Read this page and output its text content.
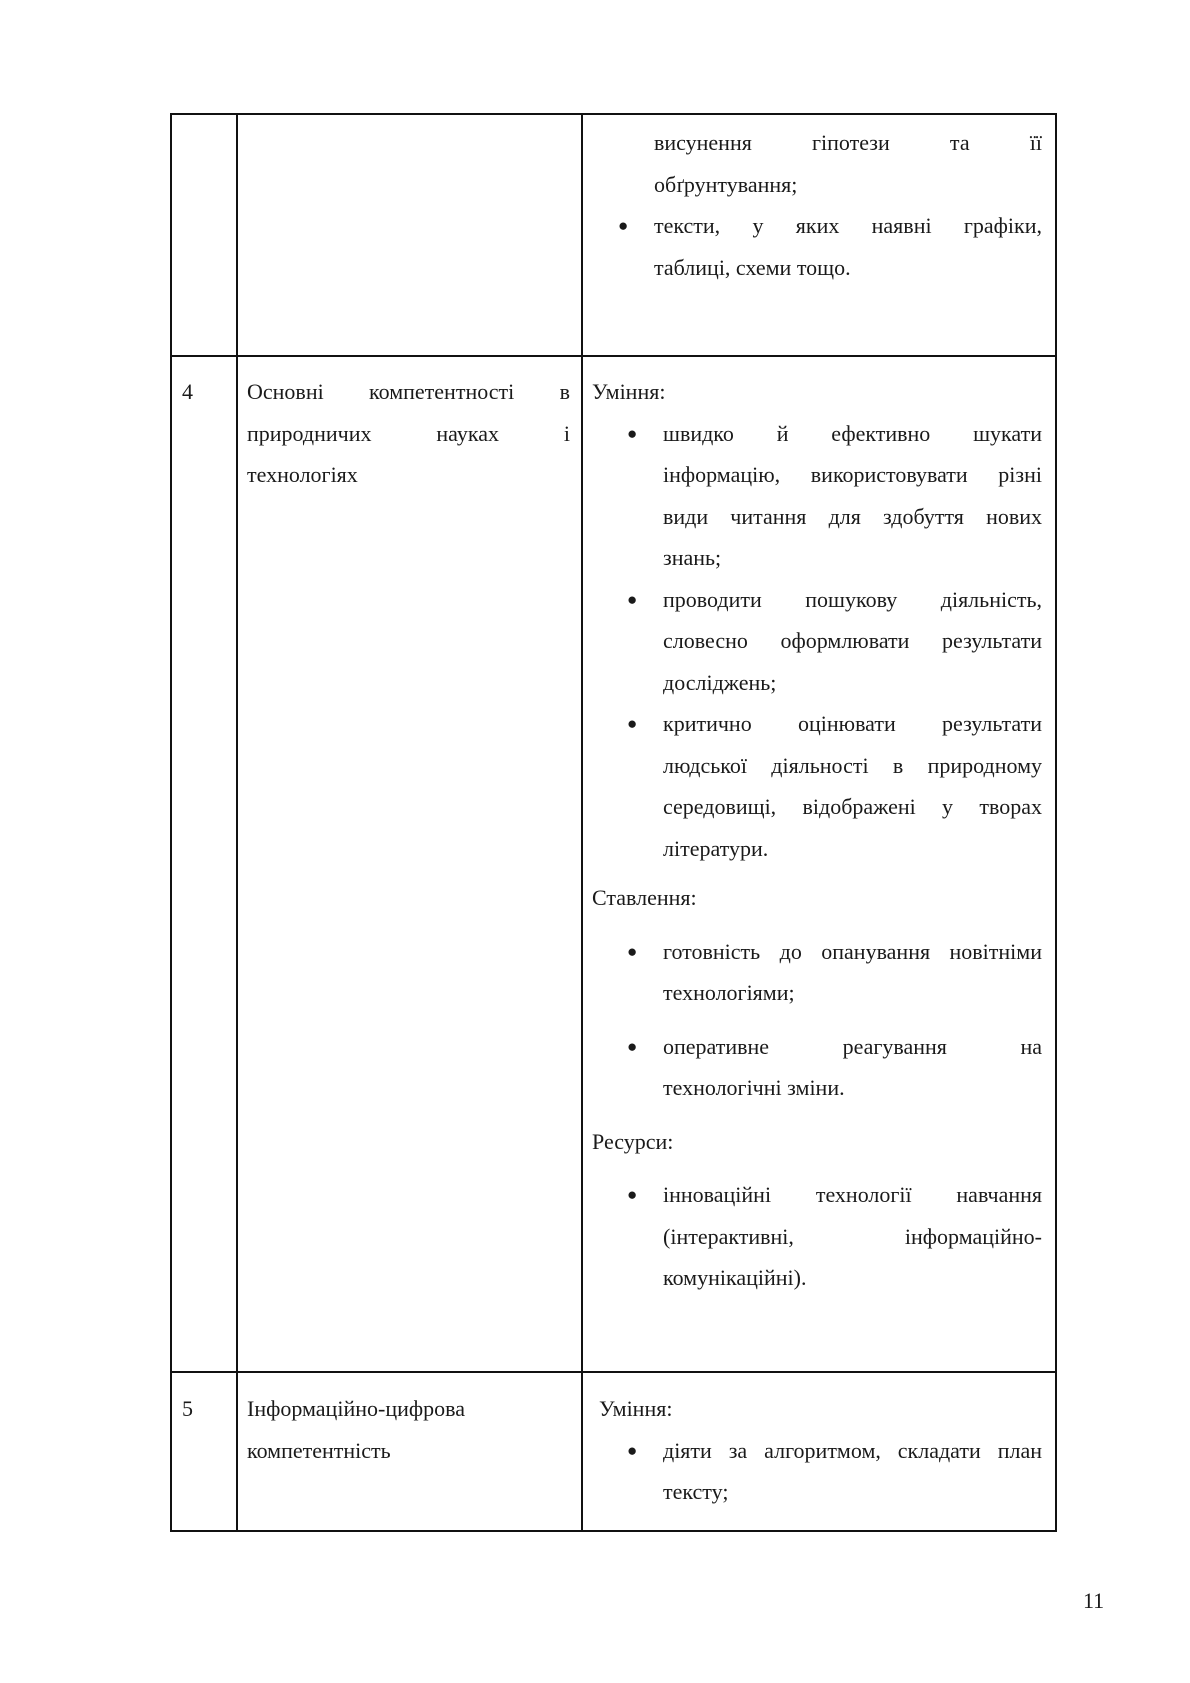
висунення гіпотези та її
обґрунтування;
● тексти, у яких наявні графіки,
таблиці, схеми тощо.
4 Основні компетентності в
природничих науках і
технологіях
Уміння:
● швидко й ефективно шукати
інформацію, використовувати різні
види читання для здобуття нових
знань;
● проводити пошукову діяльність,
словесно оформлювати результати
досліджень;
● критично оцінювати результати
людської діяльності в природному
середовищі, відображені у творах
літератури.
Ставлення:
● готовність до опанування новітніми
технологіями;
● оперативне реагування на
технологічні зміни.
Ресурси:
● інноваційні технології навчання
(інтерактивні, інформаційно-
комунікаційні).
5 Інформаційно-цифрова
компетентність
Уміння:
● діяти за алгоритмом, складати план
тексту;
11
